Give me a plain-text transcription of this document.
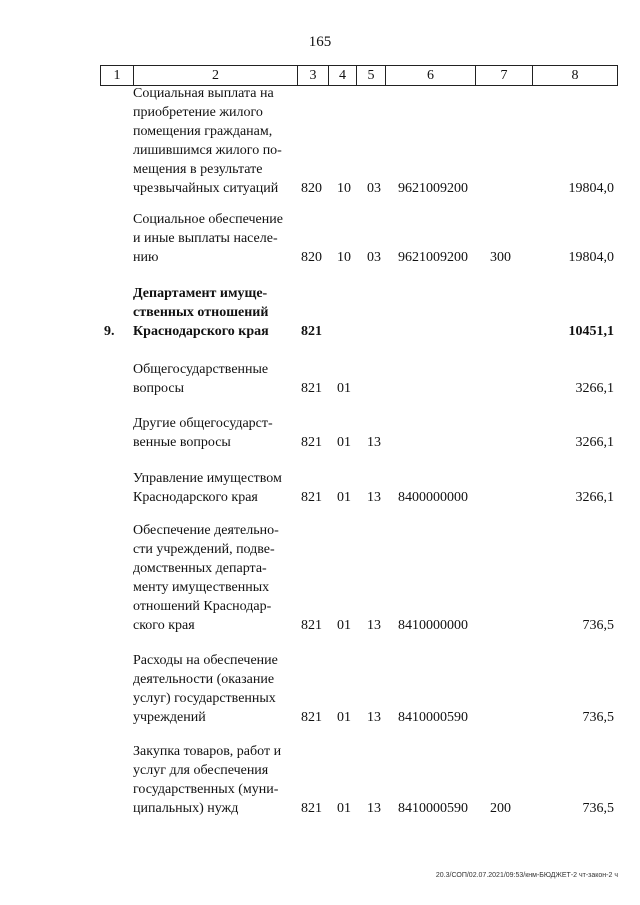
165
1	2	3	4	5	6	7	8
Социальная выплата на
приобретение жилого
помещения гражданам,
лишившимся жилого по-
мещения в результате
чрезвычайных ситуаций	820 10 03 9621009200	19804,0
Социальное обеспечение
и иные выплаты населе-
нию	820 10 03 9621009200 300	19804,0
9.
Департамент имуще-
ственных отношений
Краснодарского края	821	10451,1
Общегосударственные
вопросы	821 01	3266,1
Другие общегосударст-
венные вопросы	821 01 13	3266,1
Управление имуществом
Краснодарского края	821 01 13 8400000000	3266,1
Обеспечение деятельно-
сти учреждений, подве-
домственных департа-
менту имущественных
отношений Краснодар-
ского края	821 01 13 8410000000	736,5
Расходы на обеспечение
деятельности (оказание
услуг) государственных
учреждений	821 01 13 8410000590	736,5
Закупка товаров, работ и
услуг для обеспечения
государственных (муни-
ципальных) нужд	821 01 13 8410000590 200	736,5
20.3/СОП/02.07.2021/09:53/кнм-БЮДЖЕТ-2 чт-закон-2 ч
